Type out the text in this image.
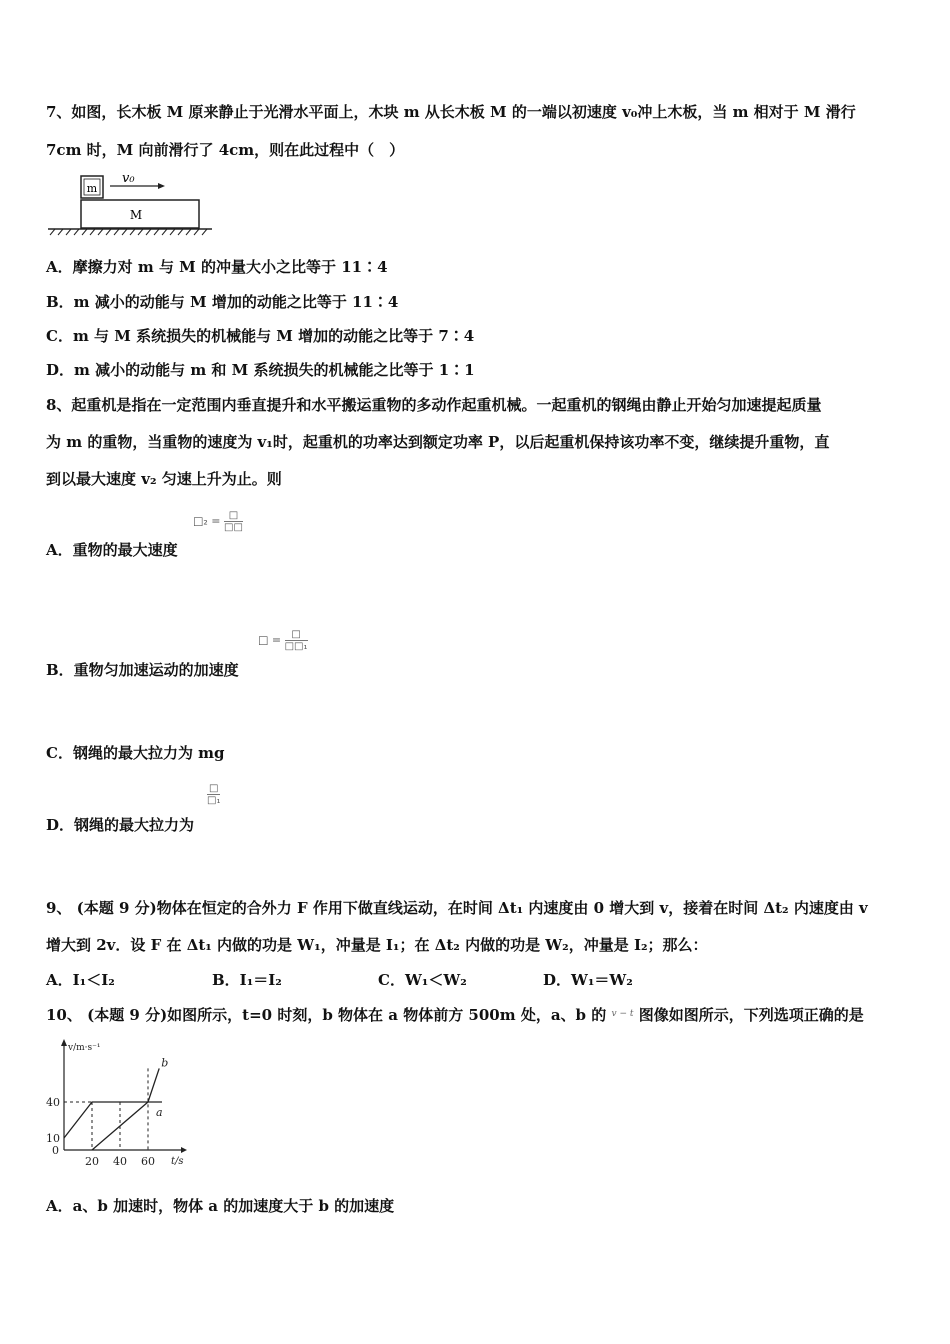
7、如图，长木板 M 原来静止于光滑水平面上，木块 m 从长木板 M 的一端以初速度 v₀冲上木板，当 m 相对于 M 滑行
7cm 时，M 向前滑行了 4cm，则在此过程中（　）
m
v₀
M
A．摩擦力对 m 与 M 的冲量大小之比等于 11∶4
B．m 减小的动能与 M 增加的动能之比等于 11∶4
C．m 与 M 系统损失的机械能与 M 增加的动能之比等于 7∶4
D．m 减小的动能与 m 和 M 系统损失的机械能之比等于 1∶1
8、起重机是指在一定范围内垂直提升和水平搬运重物的多动作起重机械。一起重机的钢绳由静止开始匀加速提起质量
为 m 的重物，当重物的速度为 v₁时，起重机的功率达到额定功率 P，以后起重机保持该功率不变，继续提升重物，直
到以最大速度 v₂ 匀速上升为止。则
□₂ = $\frac{□}{□□}$
A．重物的最大速度
□ = $\frac{□}{\text{□□₁}}$
B．重物匀加速运动的加速度
C．钢绳的最大拉力为 mg
$\frac{□}{\text{□₁}}$
D．钢绳的最大拉力为
9、 (本题 9 分)物体在恒定的合外力 F 作用下做直线运动，在时间 Δt₁ 内速度由 0 增大到 v，接着在时间 Δt₂ 内速度由 v
增大到 2v．设 F 在 Δt₁ 内做的功是 W₁，冲量是 I₁；在 Δt₂ 内做的功是 W₂，冲量是 I₂；那么：
A．I₁＜I₂	B．I₁＝I₂	C．W₁＜W₂	D．W₁＝W₂
10、 (本题 9 分)如图所示，t=0 时刻，b 物体在 a 物体前方 500m 处，a、b 的 $^{v - t}$ 图像如图所示，下列选项正确的是
v/m·s⁻¹
t/s
0
10
40
20 40 60
a
b
A．a、b 加速时，物体 a 的加速度大于 b 的加速度
